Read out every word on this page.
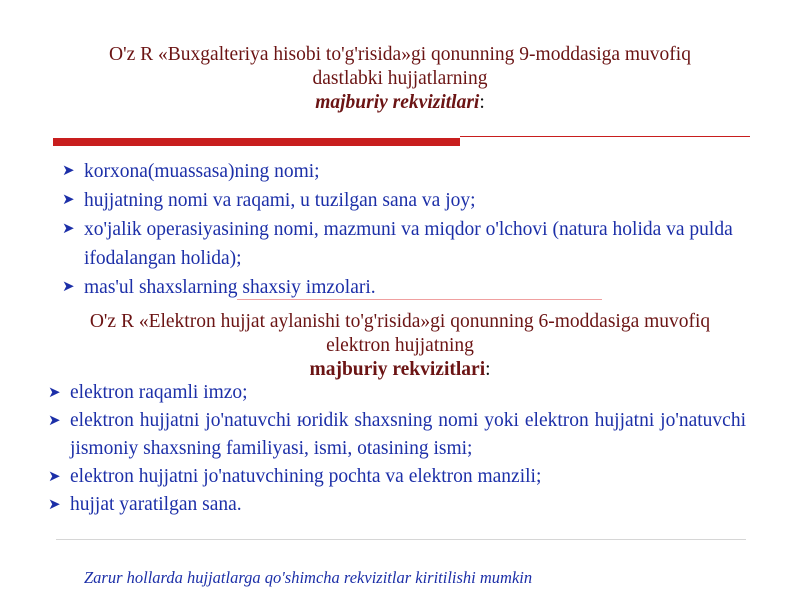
O'z R «Buxgalteriya hisobi to'g'risida»gi qonunning 9-moddasiga muvofiq
dastlabki hujjatlarning
majburiy rekvizitlari:
➤ korxona(muassasa)ning nomi;
➤ hujjatning nomi va raqami, u tuzilgan sana va joy;
➤ xo'jalik operasiyasining nomi, mazmuni va miqdor o'lchovi (natura holida va pulda ifodalangan holida);
➤ mas'ul shaxslarning shaxsiy imzolari.
O'z R «Elektron hujjat aylanishi to'g'risida»gi qonunning 6-moddasiga muvofiq
elektron hujjatning
majburiy rekvizitlari:
➤ elektron raqamli imzo;
➤ elektron hujjatni jo'natuvchi юridik shaxsning nomi yoki elektron hujjatni jo'natuvchi jismoniy shaxsning familiyasi, ismi, otasining ismi;
➤ elektron hujjatni jo'natuvchining pochta va elektron manzili;
➤ hujjat yaratilgan sana.
Zarur hollarda hujjatlarga qo'shimcha rekvizitlar kiritilishi mumkin
